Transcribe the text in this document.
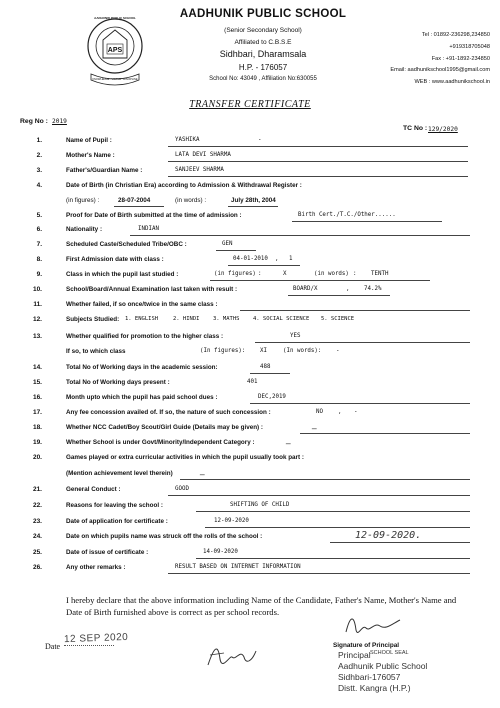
AADHUNIK PUBLIC SCHOOL
APS
KNOWLEDGE · VIRTUE · DISCIPLINE
AADHUNIK PUBLIC SCHOOL
(Senior Secondary School)
Affiliated to C.B.S.E
Sidhbari, Dharamsala
H.P. - 176057
School No: 43049 , Affiliation No:630055
Tel : 01892-236298,234850
+919318705048
Fax : +91-1892-234850
Email: aadhunikschool1995@gmail.com
WEB : www.aadhunikschool.in
TRANSFER CERTIFICATE
Reg No : 2019
TC No : 129/2020
1.	Name of Pupil :	YASHIKA	-
2.	Mother's Name :	LATA DEVI SHARMA
3.	Father's/Guardian Name :	SANJEEV SHARMA
4.	Date of Birth (in Christian Era) according to Admission & Withdrawal Register :
(in figures) :	28-07-2004	(in words) :	July 28th, 2004
5.	Proof for Date of Birth submitted at the time of admission :	Birth Cert./T.C./Other......
6.	Nationality :	INDIAN
7.	Scheduled Caste/Scheduled Tribe/OBC :	GEN
8.	First Admission date with class :	04-01-2010 , 1
9.	Class in which the pupil last studied :	(in figures) :	X	(in words) :	TENTH
10.	School/Board/Annual Examination last taken with result :	BOARD/X	,	74.2%
11.	Whether failed, if so once/twice in the same class :
12.	Subjects Studied: 1. ENGLISH	2. HINDI 3. MATHS 4. SOCIAL SCIENCE 5. SCIENCE
13.	Whether qualified for promotion to the higher class :	YES
If so, to which class	(In figures):	XI	(In words):	-
14.	Total No of Working days in the academic session:	488
15.	Total No of Working days present :	401
16.	Month upto which the pupil has paid school dues :	DEC,2019
17.	Any fee concession availed of. If so, the nature of such concession :	NO	, -
18.	Whether NCC Cadet/Boy Scout/Girl Guide (Details may be given) :	—
19.	Whether School is under Govt/Minority/Independent Category :	—
20.	Games played or extra curricular activities in which the pupil usually took part :
(Mention achievement level therein)	—
21.	General Conduct :	GOOD
22.	Reasons for leaving the school :	SHIFTING OF CHILD
23.	Date of application for certificate :	12-09-2020
24.	Date on which pupils name was struck off the rolls of the school :	12-09-2020.
25.	Date of issue of certificate :	14-09-2020
26.	Any other remarks :	RESULT BASED ON INTERNET INFORMATION
I hereby declare that the above information including Name of the Candidate, Father's Name, Mother's Name and Date of Birth furnished above is correct as per school records.
Date
12 SEP 2020
Signature of Principal
Principal SCHOOL SEAL
Aadhunik Public School
Sidhbari-176057
Distt. Kangra (H.P.)
